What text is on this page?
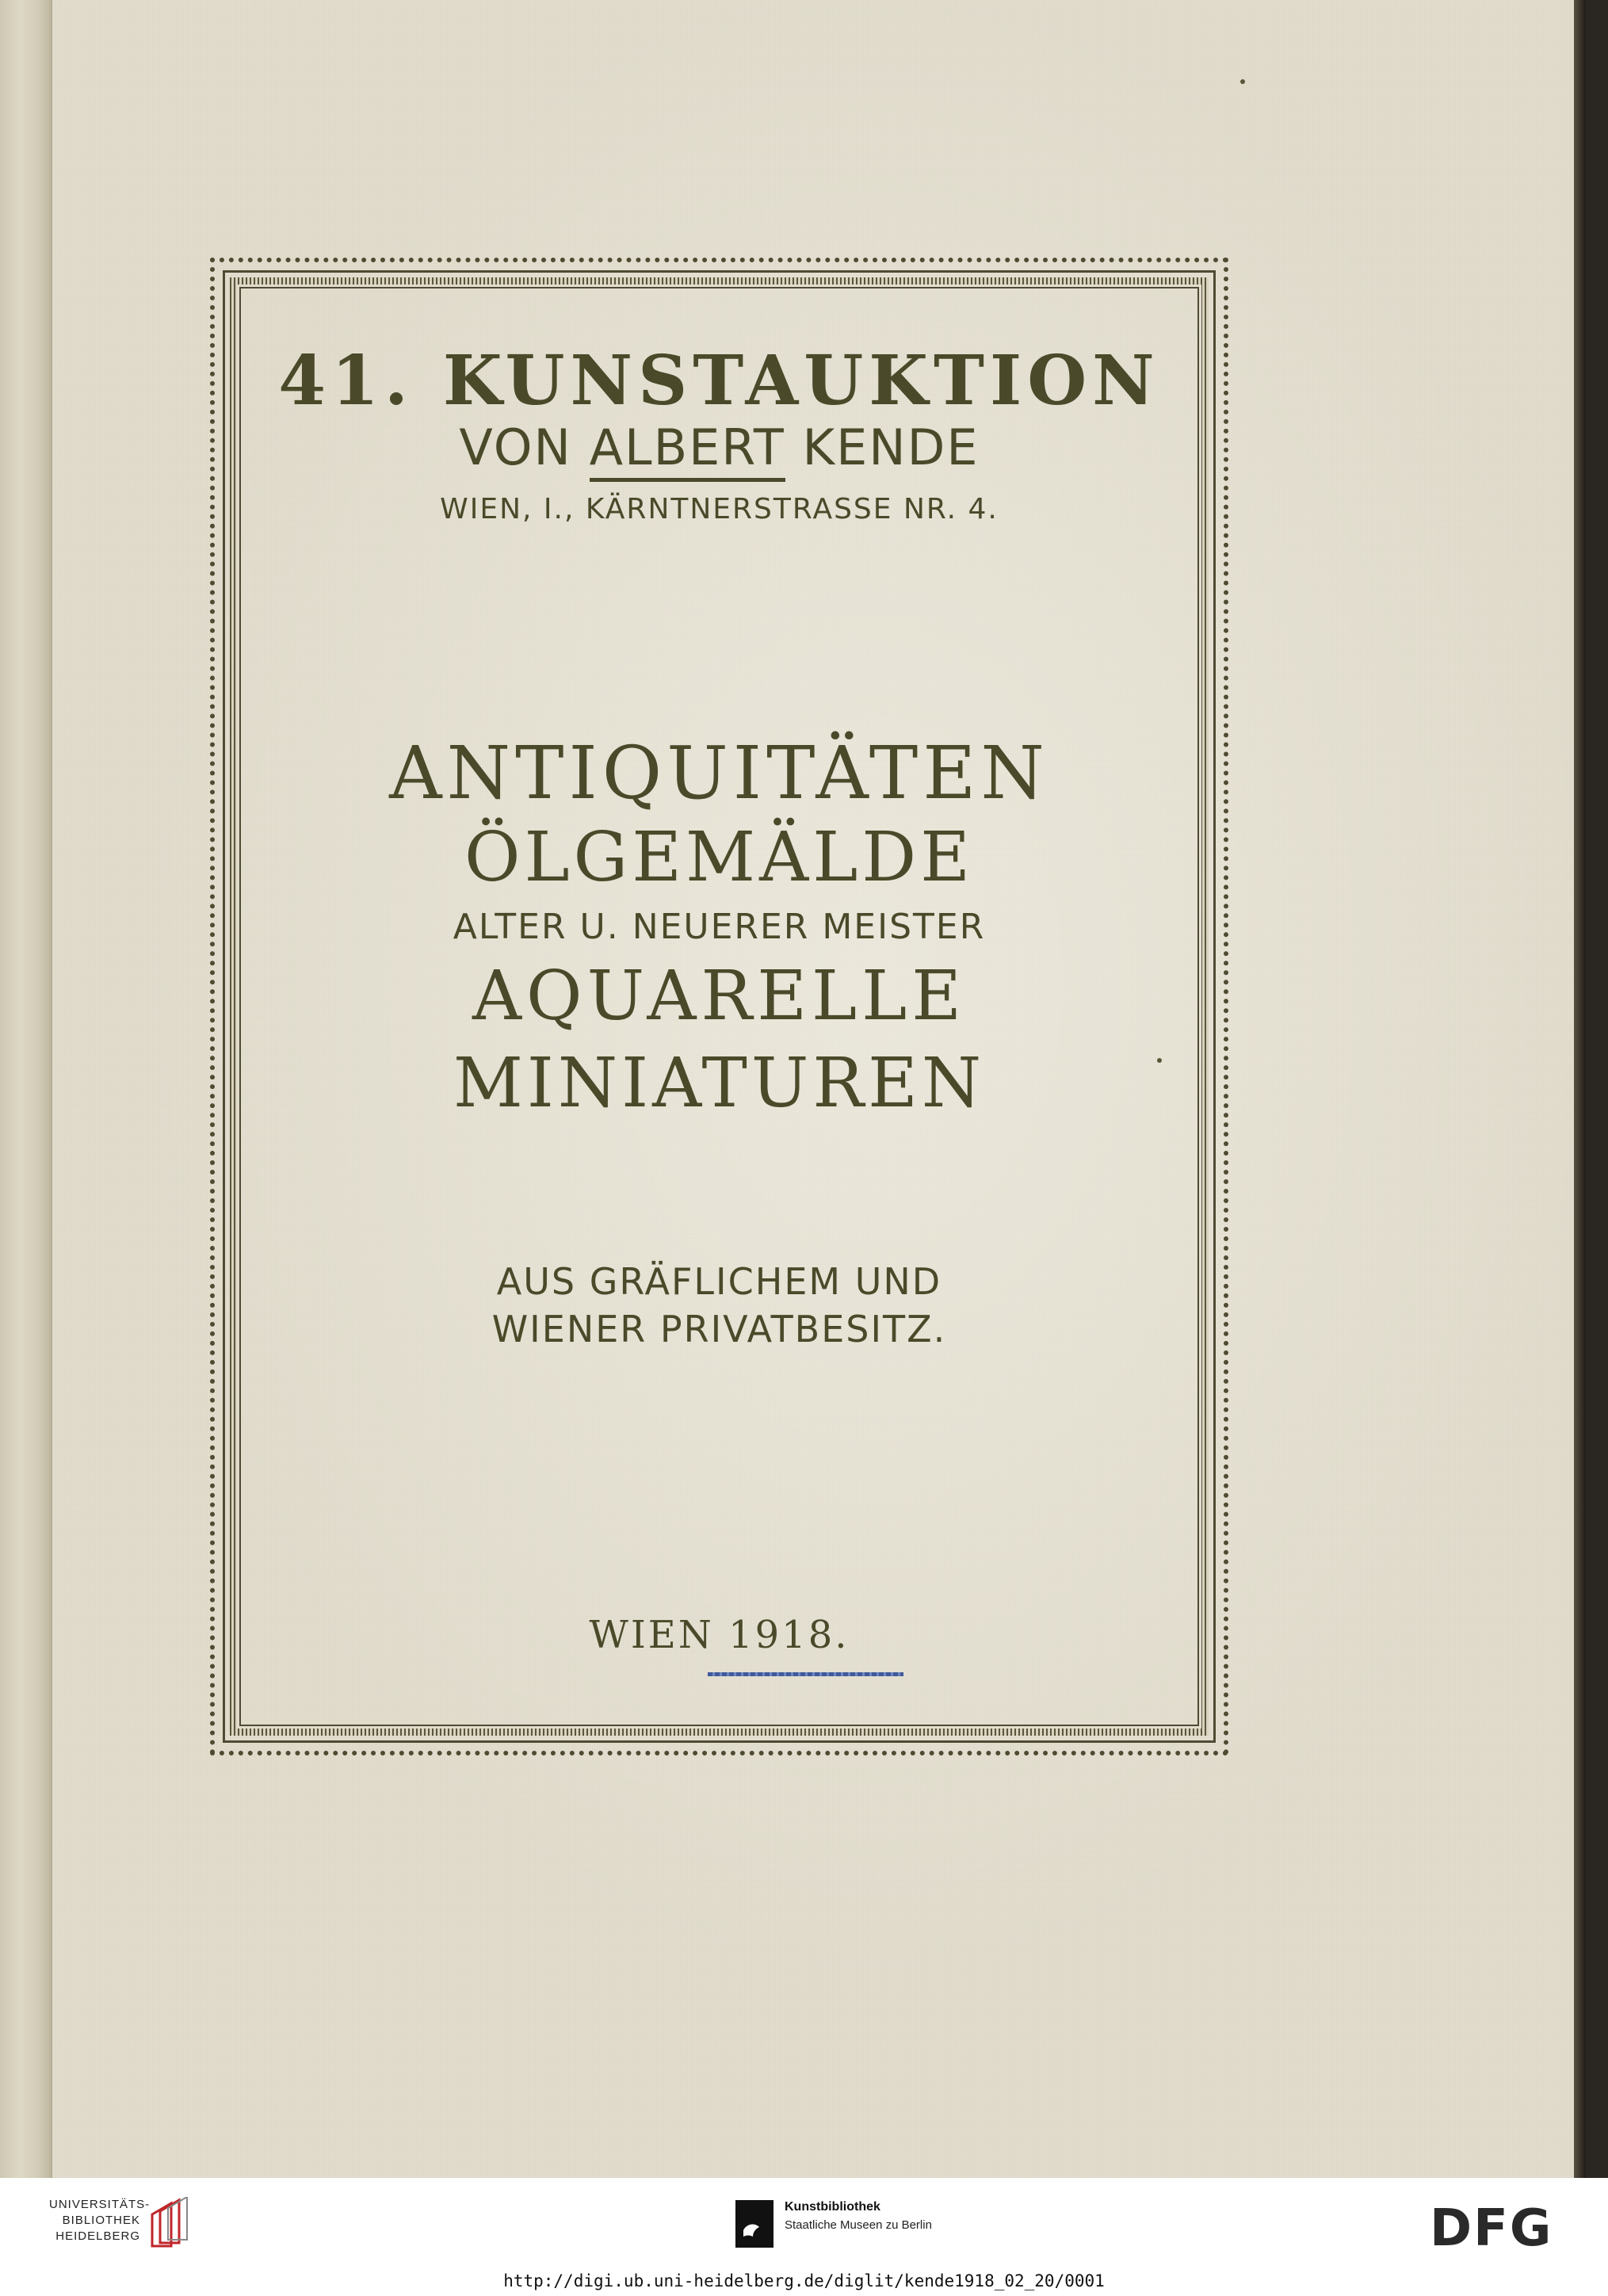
41. KUNSTAUKTION

VON ALBERT KENDE

WIEN, I., KÄRNTNERSTRASSE NR. 4.

ANTIQUITÄTEN

ÖLGEMÄLDE

ALTER U. NEUERER MEISTER

AQUARELLE

MINIATUREN

AUS GRÄFLICHEM UND

WIENER PRIVATBESITZ.

WIEN 1918.

UNIVERSITÄTS-
BIBLIOTHEK
HEIDELBERG
Kunstbibliothek
Staatliche Museen zu Berlin	DFG
http://digi.ub.uni-heidelberg.de/diglit/kende1918_02_20/0001
